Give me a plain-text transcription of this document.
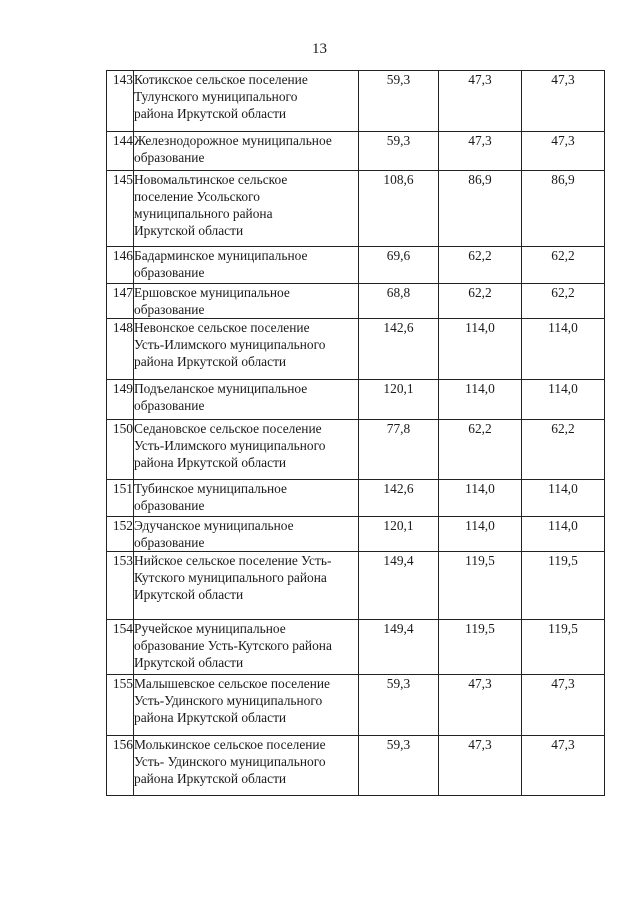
13
143	Котикское сельское поселение
Тулунского муниципального
района Иркутской области	59,3	47,3	47,3
144	Железнодорожное муниципальное
образование	59,3	47,3	47,3
145	Новомальтинское сельское
поселение Усольского
муниципального района
Иркутской области	108,6	86,9	86,9
146	Бадарминское муниципальное
образование	69,6	62,2	62,2
147	Ершовское муниципальное
образование	68,8	62,2	62,2
148	Невонское сельское поселение
Усть-Илимского муниципального
района Иркутской области	142,6	114,0	114,0
149	Подъеланское муниципальное
образование	120,1	114,0	114,0
150	Седановское сельское поселение
Усть-Илимского муниципального
района Иркутской области	77,8	62,2	62,2
151	Тубинское муниципальное
образование	142,6	114,0	114,0
152	Эдучанское муниципальное
образование	120,1	114,0	114,0
153	Нийское сельское поселение Усть-
Кутского муниципального района
Иркутской области	149,4	119,5	119,5
154	Ручейское муниципальное
образование Усть-Кутского района
Иркутской области	149,4	119,5	119,5
155	Малышевское сельское поселение
Усть-Удинского муниципального
района Иркутской области	59,3	47,3	47,3
156	Молькинское сельское поселение
Усть- Удинского муниципального
района Иркутской области	59,3	47,3	47,3
